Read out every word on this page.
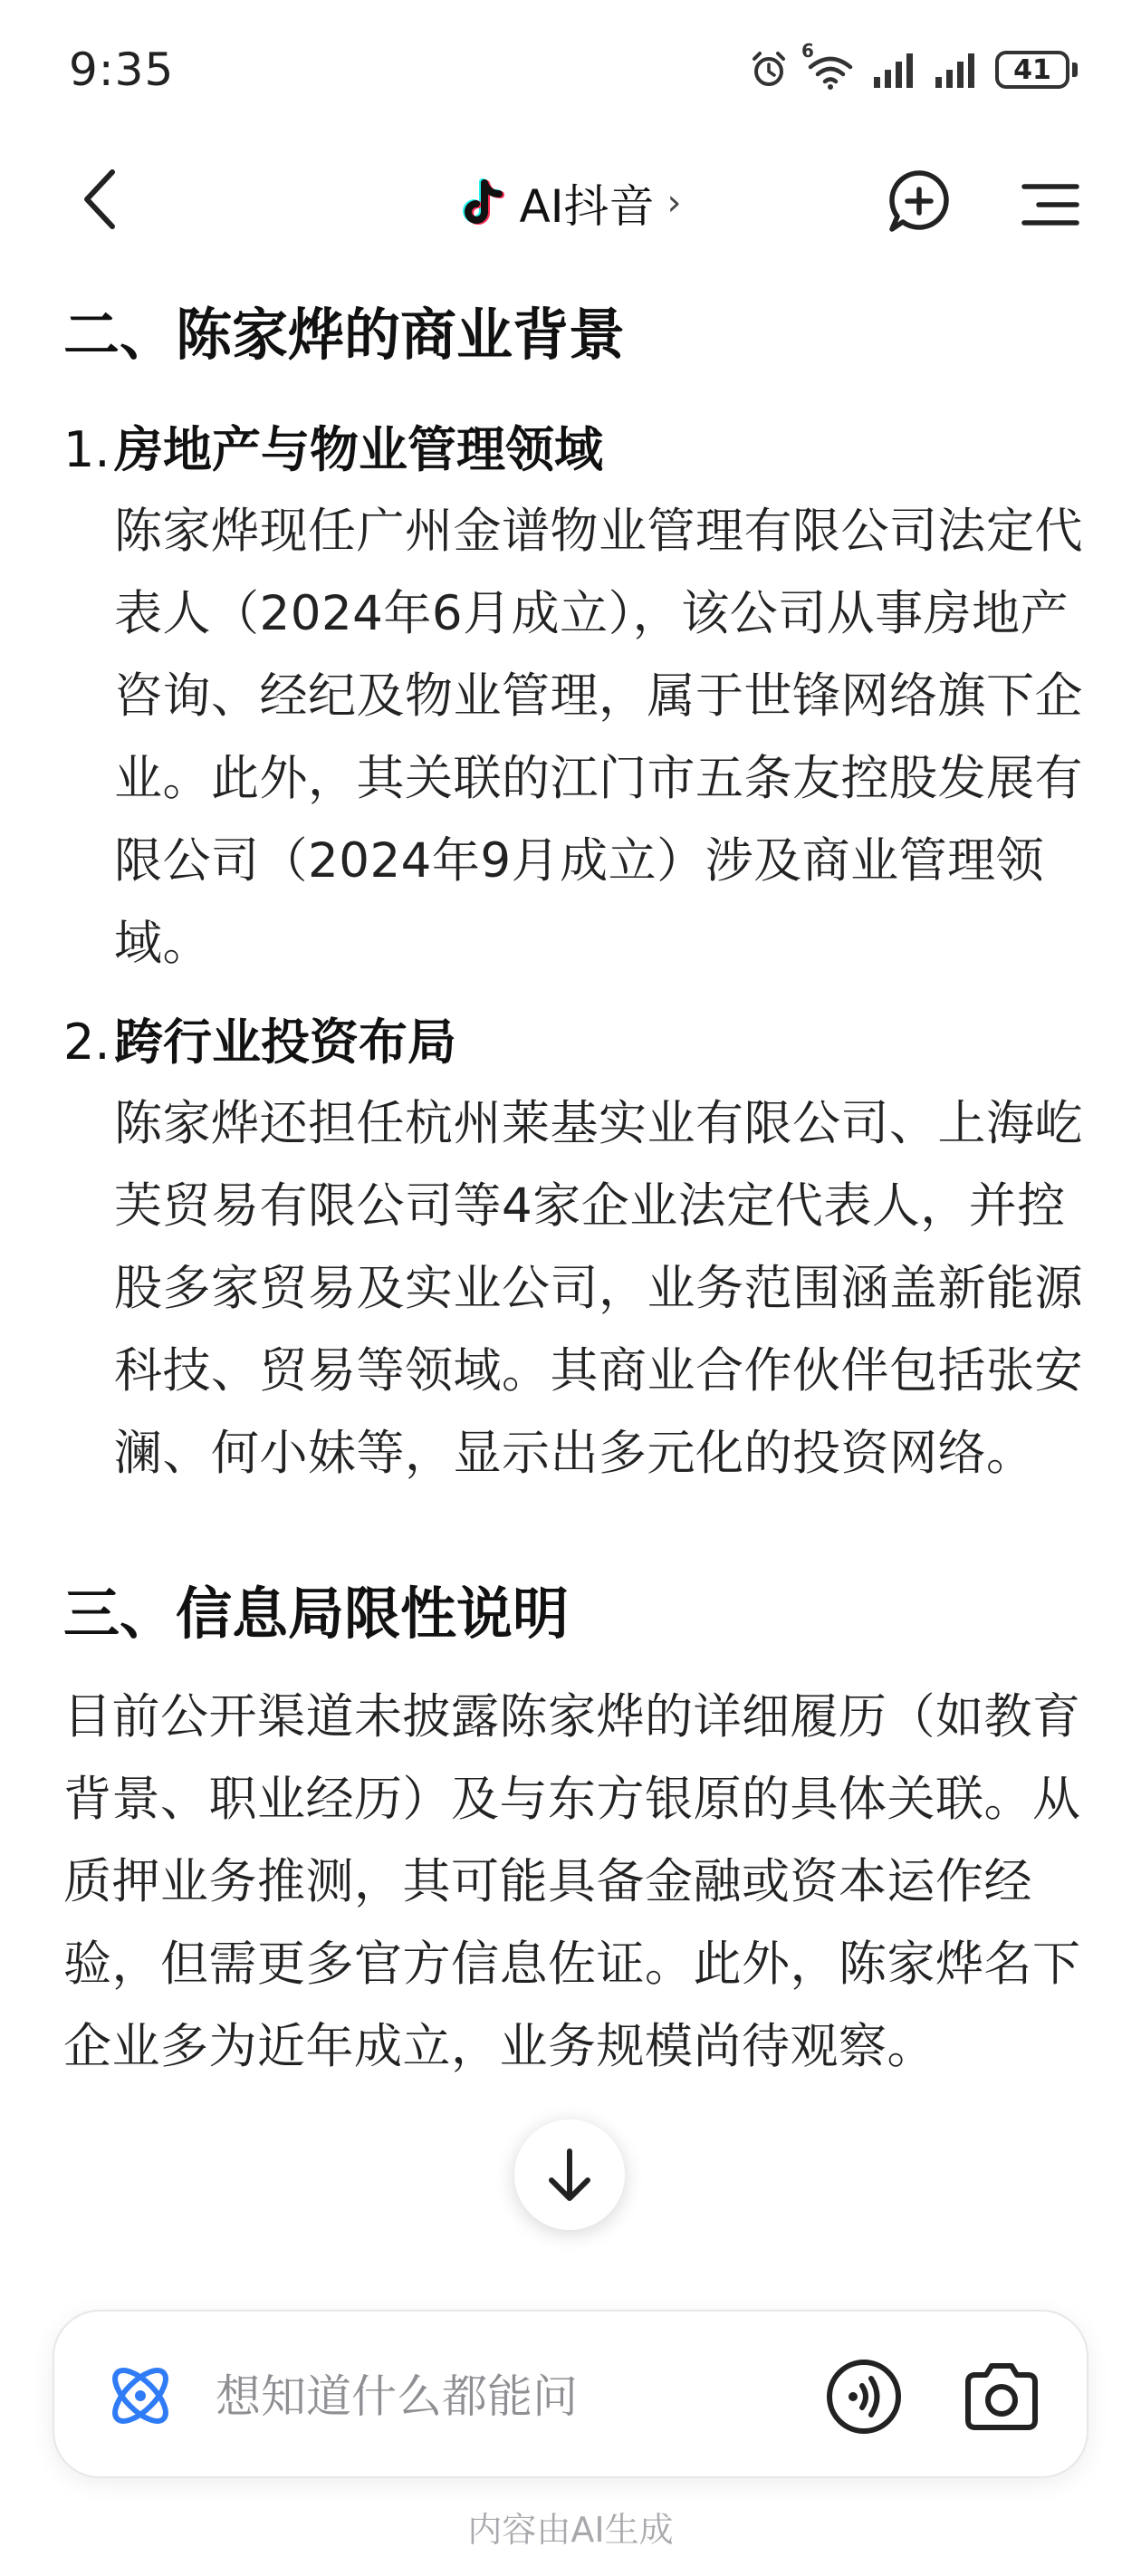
9:35	6
41
AI抖音 ›
二、陈家烨的商业背景
1. 房地产与物业管理领域
陈家烨现任广州金谱物业管理有限公司法定代表人（2024年6月成立），该公司从事房地产咨询、经纪及物业管理，属于世锋网络旗下企业。此外，其关联的江门市五条友控股发展有限公司（2024年9月成立）涉及商业管理领域。
2. 跨行业投资布局
陈家烨还担任杭州莱基实业有限公司、上海屹芙贸易有限公司等4家企业法定代表人，并控股多家贸易及实业公司，业务范围涵盖新能源科技、贸易等领域。其商业合作伙伴包括张安澜、何小妹等，显示出多元化的投资网络。
三、信息局限性说明
目前公开渠道未披露陈家烨的详细履历（如教育背景、职业经历）及与东方银原的具体关联。从质押业务推测，其可能具备金融或资本运作经验，但需更多官方信息佐证。此外，陈家烨名下企业多为近年成立，业务规模尚待观察。
想知道什么都能问
内容由AI生成
